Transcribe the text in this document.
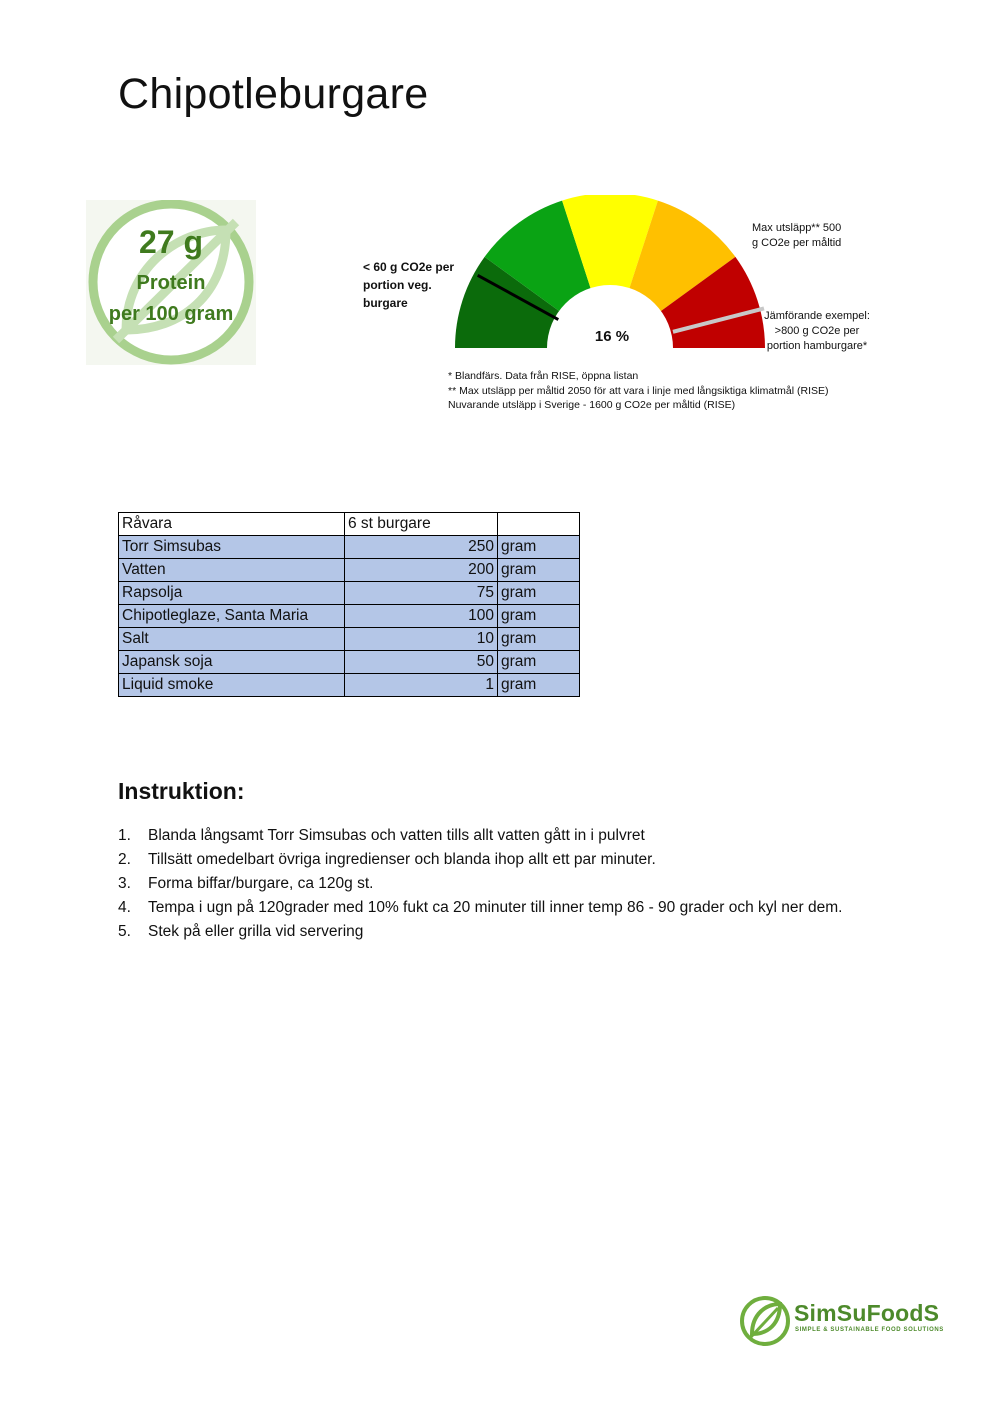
Chipotleburgare
27 g
Protein
per 100 gram
< 60 g CO2e per portion veg. burgare
Max utsläpp** 500 g CO2e per måltid
Jämförande exempel: >800 g CO2e per portion hamburgare*
16 %
* Blandfärs. Data från RISE, öppna listan
** Max utsläpp per måltid 2050 för att vara i linje med långsiktiga klimatmål (RISE)
Nuvarande utsläpp i Sverige - 1600 g CO2e per måltid (RISE)
Råvara	6 st burgare	
Torr Simsubas	250	gram
Vatten	200	gram
Rapsolja	75	gram
Chipotleglaze, Santa Maria	100	gram
Salt	10	gram
Japansk soja	50	gram
Liquid smoke	1	gram
Instruktion:
1. Blanda långsamt Torr Simsubas och vatten tills allt vatten gått in i pulvret
2. Tillsätt omedelbart övriga ingredienser och blanda ihop allt ett par minuter.
3. Forma biffar/burgare, ca 120g st.
4. Tempa i ugn på 120grader med 10% fukt ca 20 minuter till inner temp 86 - 90 grader och kyl ner dem.
5. Stek på eller grilla vid servering
SimSuFoodS
SIMPLE & SUSTAINABLE FOOD SOLUTIONS
